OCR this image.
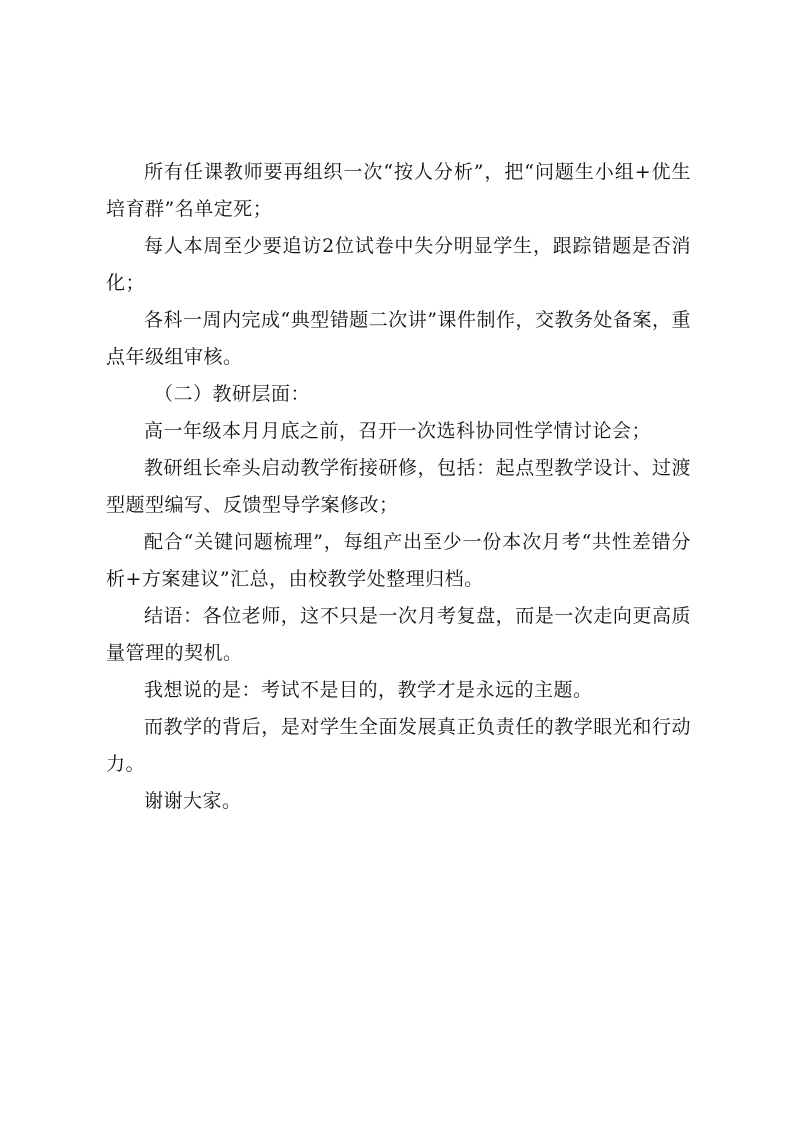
所有任课教师要再组织一次“按人分析”，把“问题生小组+优生培育群”名单定死；

每人本周至少要追访2位试卷中失分明显学生，跟踪错题是否消化；

各科一周内完成“典型错题二次讲”课件制作，交教务处备案，重点年级组审核。

（二）教研层面：

高一年级本月月底之前，召开一次选科协同性学情讨论会；

教研组长牵头启动教学衔接研修，包括：起点型教学设计、过渡型题型编写、反馈型导学案修改；

配合“关键问题梳理”，每组产出至少一份本次月考“共性差错分析+方案建议”汇总，由校教学处整理归档。

结语：各位老师，这不只是一次月考复盘，而是一次走向更高质量管理的契机。

我想说的是：考试不是目的，教学才是永远的主题。

而教学的背后，是对学生全面发展真正负责任的教学眼光和行动力。

谢谢大家。
